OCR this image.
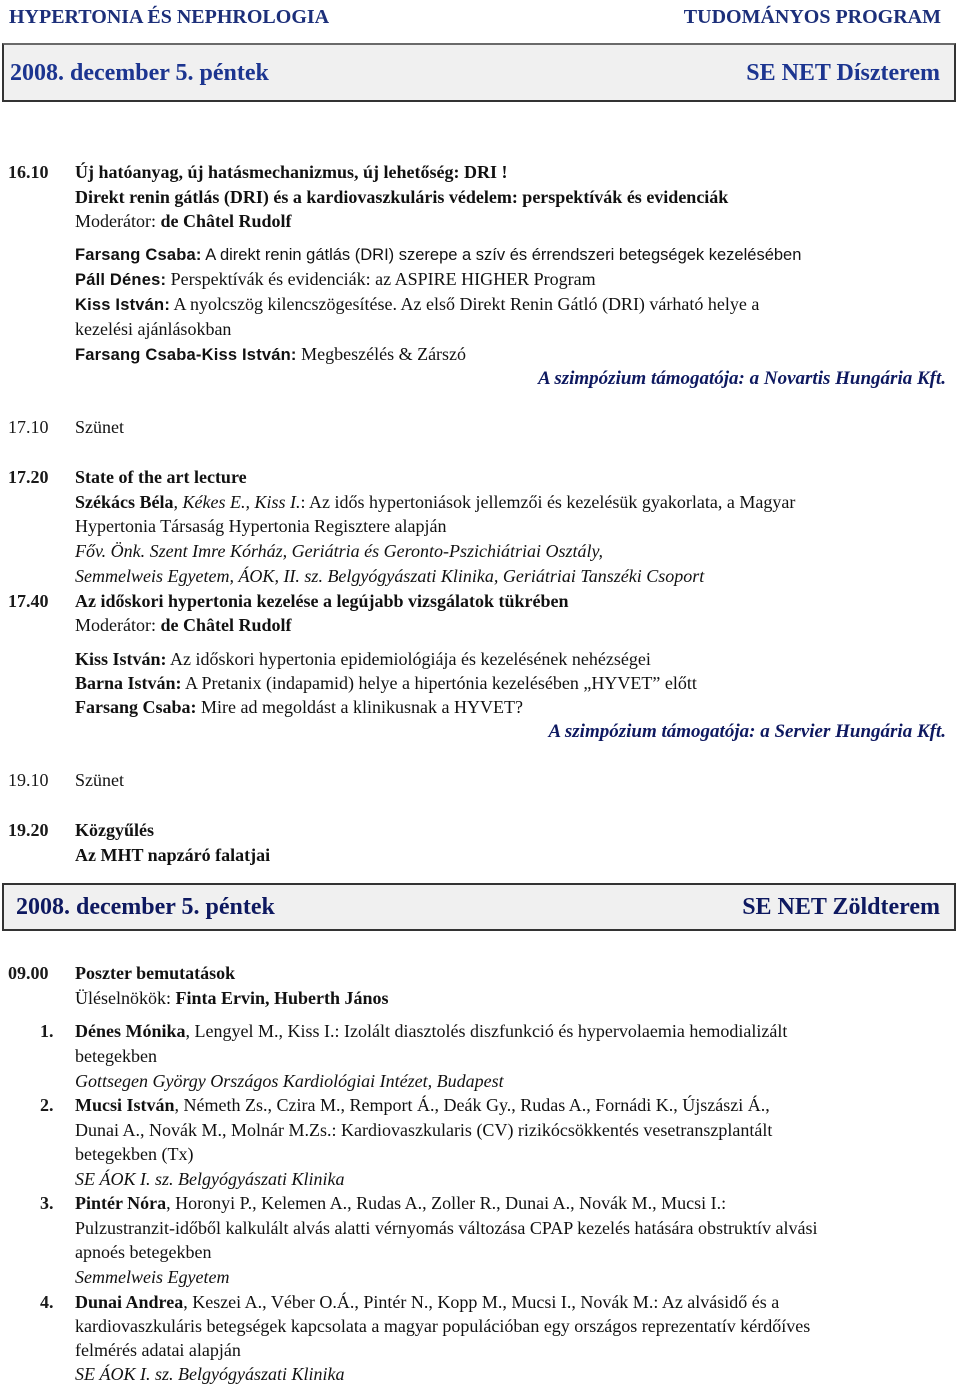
HYPERTONIA ÉS NEPHROLOGIA	TUDOMÁNYOS PROGRAM
2008. december 5. péntek	SE NET Díszterem
16.10 Új hatóanyag, új hatásmechanizmus, új lehetőség: DRI !
Direkt renin gátlás (DRI) és a kardiovaszkuláris védelem: perspektívák és evidenciák
Moderátor: de Châtel Rudolf
Farsang Csaba: A direkt renin gátlás (DRI) szerepe a szív és érrendszeri betegségek kezelésében
Páll Dénes: Perspektívák és evidenciák: az ASPIRE HIGHER Program
Kiss István: A nyolcszög kilencszögesítése. Az első Direkt Renin Gátló (DRI) várható helye a
kezelési ajánlásokban
Farsang Csaba-Kiss István: Megbeszélés & Zárszó
A szimpózium támogatója: a Novartis Hungária Kft.
17.10 Szünet
17.20 State of the art lecture
Székács Béla, Kékes E., Kiss I.: Az idős hypertoniások jellemzői és kezelésük gyakorlata, a Magyar
Hypertonia Társaság Hypertonia Regisztere alapján
Főv. Önk. Szent Imre Kórház, Geriátria és Geronto-Pszichiátriai Osztály,
Semmelweis Egyetem, ÁOK, II. sz. Belgyógyászati Klinika, Geriátriai Tanszéki Csoport
17.40 Az időskori hypertonia kezelése a legújabb vizsgálatok tükrében
Moderátor: de Châtel Rudolf
Kiss István: Az időskori hypertonia epidemiológiája és kezelésének nehézségei
Barna István: A Pretanix (indapamid) helye a hipertónia kezelésében „HYVET” előtt
Farsang Csaba: Mire ad megoldást a klinikusnak a HYVET?
A szimpózium támogatója: a Servier Hungária Kft.
19.10 Szünet
19.20 Közgyűlés
Az MHT napzáró falatjai
2008. december 5. péntek	SE NET Zöldterem
09.00 Poszter bemutatások
Üléselnökök: Finta Ervin, Huberth János
1. Dénes Mónika, Lengyel M., Kiss I.: Izolált diasztolés diszfunkció és hypervolaemia hemodializált
betegekben
Gottsegen György Országos Kardiológiai Intézet, Budapest
2. Mucsi István, Németh Zs., Czira M., Remport Á., Deák Gy., Rudas A., Fornádi K., Újszászi Á.,
Dunai A., Novák M., Molnár M.Zs.: Kardiovaszkularis (CV) rizikócsökkentés vesetranszplantált
betegekben (Tx)
SE ÁOK I. sz. Belgyógyászati Klinika
3. Pintér Nóra, Horonyi P., Kelemen A., Rudas A., Zoller R., Dunai A., Novák M., Mucsi I.:
Pulzustranzit-időből kalkulált alvás alatti vérnyomás változása CPAP kezelés hatására obstruktív alvási
apnoés betegekben
Semmelweis Egyetem
4. Dunai Andrea, Keszei A., Véber O.Á., Pintér N., Kopp M., Mucsi I., Novák M.: Az alvásidő és a
kardiovaszkuláris betegségek kapcsolata a magyar populációban egy országos reprezentatív kérdőíves
felmérés adatai alapján
SE ÁOK I. sz. Belgyógyászati Klinika
